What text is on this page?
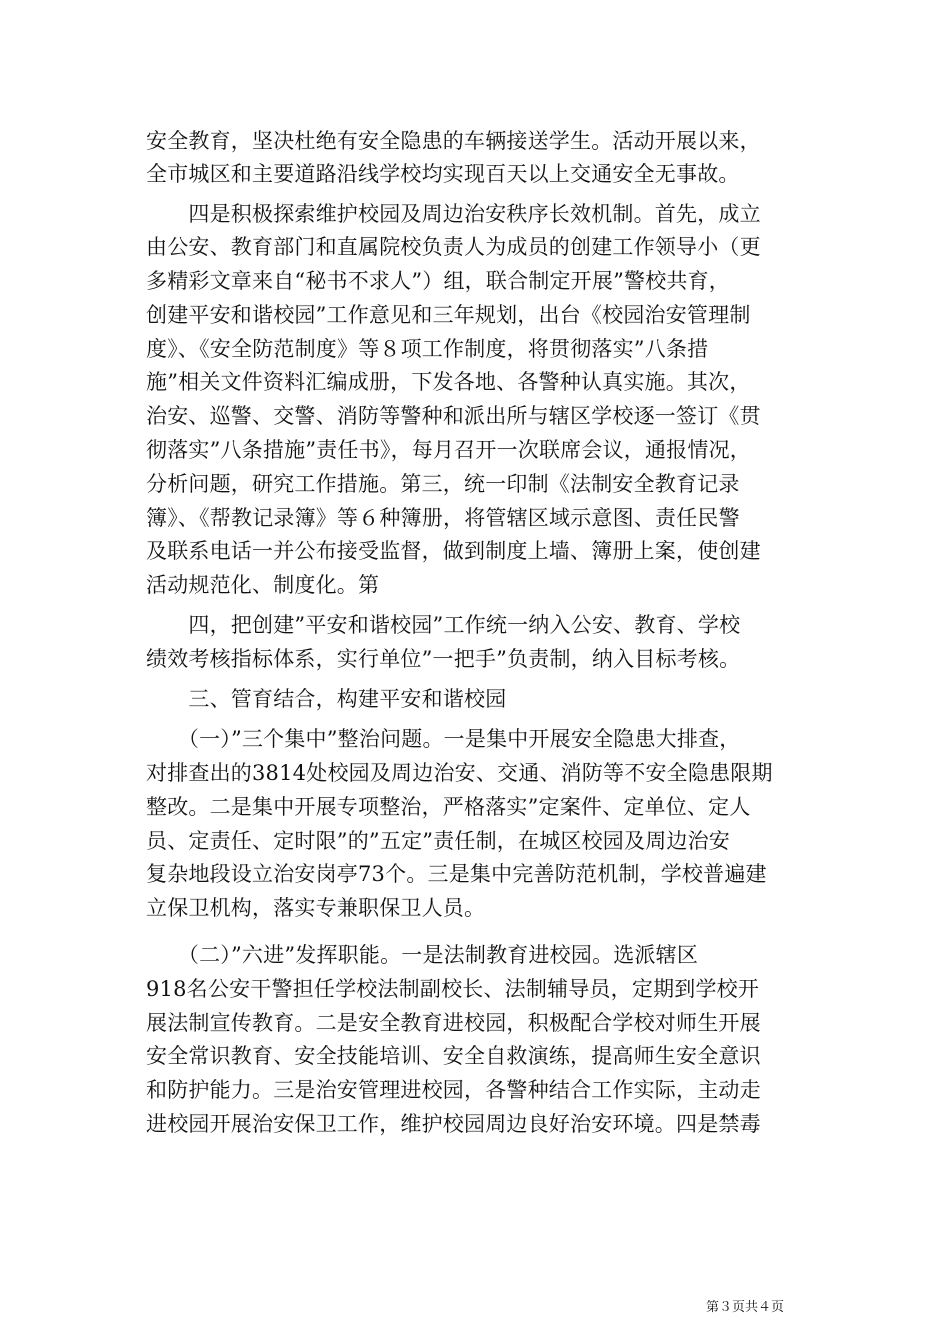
安全教育，坚决杜绝有安全隐患的车辆接送学生。活动开展以来，
全市城区和主要道路沿线学校均实现百天以上交通安全无事故。
　　四是积极探索维护校园及周边治安秩序长效机制。首先，成立
由公安、教育部门和直属院校负责人为成员的创建工作领导小（更
多精彩文章来自“秘书不求人”）组，联合制定开展”警校共育，
创建平安和谐校园”工作意见和三年规划，出台《校园治安管理制
度》、《安全防范制度》等８项工作制度，将贯彻落实”八条措
施”相关文件资料汇编成册，下发各地、各警种认真实施。其次，
治安、巡警、交警、消防等警种和派出所与辖区学校逐一签订《贯
彻落实”八条措施”责任书》，每月召开一次联席会议，通报情况，
分析问题，研究工作措施。第三，统一印制《法制安全教育记录
簿》、《帮教记录簿》等６种簿册，将管辖区域示意图、责任民警
及联系电话一并公布接受监督，做到制度上墙、簿册上案，使创建
活动规范化、制度化。第
　　四，把创建”平安和谐校园”工作统一纳入公安、教育、学校
绩效考核指标体系，实行单位”一把手”负责制，纳入目标考核。
　　三、管育结合，构建平安和谐校园
　　（一）”三个集中”整治问题。一是集中开展安全隐患大排查，
对排查出的3814处校园及周边治安、交通、消防等不安全隐患限期
整改。二是集中开展专项整治，严格落实”定案件、定单位、定人
员、定责任、定时限”的”五定”责任制，在城区校园及周边治安
复杂地段设立治安岗亭73个。三是集中完善防范机制，学校普遍建
立保卫机构，落实专兼职保卫人员。
　　（二）”六进”发挥职能。一是法制教育进校园。选派辖区
918名公安干警担任学校法制副校长、法制辅导员，定期到学校开
展法制宣传教育。二是安全教育进校园，积极配合学校对师生开展
安全常识教育、安全技能培训、安全自救演练，提高师生安全意识
和防护能力。三是治安管理进校园，各警种结合工作实际，主动走
进校园开展治安保卫工作，维护校园周边良好治安环境。四是禁毒
第３页共４页
